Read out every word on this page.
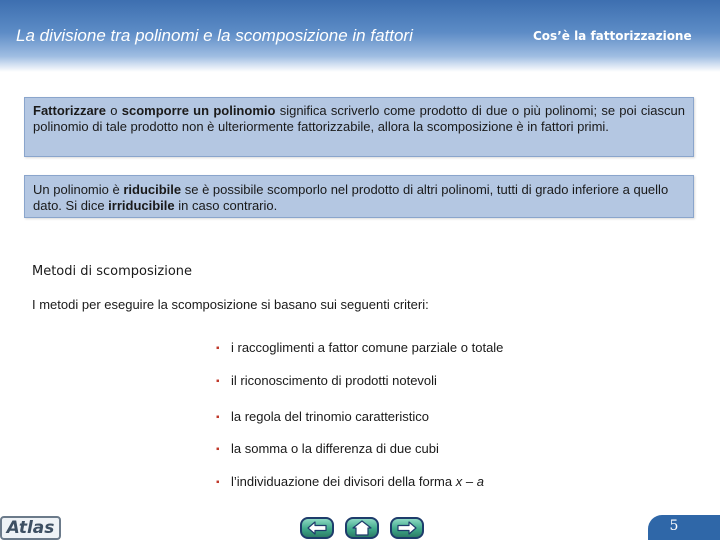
La divisione tra polinomi e la scomposizione in fattori	Cos’è la fattorizzazione
Fattorizzare o scomporre un polinomio significa scriverlo come prodotto di due o più polinomi; se poi ciascun polinomio di tale prodotto non è ulteriormente fattorizzabile, allora la scomposizione è in fattori primi.
Un polinomio è riducibile se è possibile scomporlo nel prodotto di altri polinomi, tutti di grado inferiore a quello dato. Si dice irriducibile in caso contrario.
Metodi di scomposizione
I metodi per eseguire la scomposizione si basano sui seguenti criteri:
▪ i raccoglimenti a fattor comune parziale o totale
▪ il riconoscimento di prodotti notevoli
▪ la regola del trinomio caratteristico
▪ la somma o la differenza di due cubi
▪ l’individuazione dei divisori della forma x – a
Atlas	5
